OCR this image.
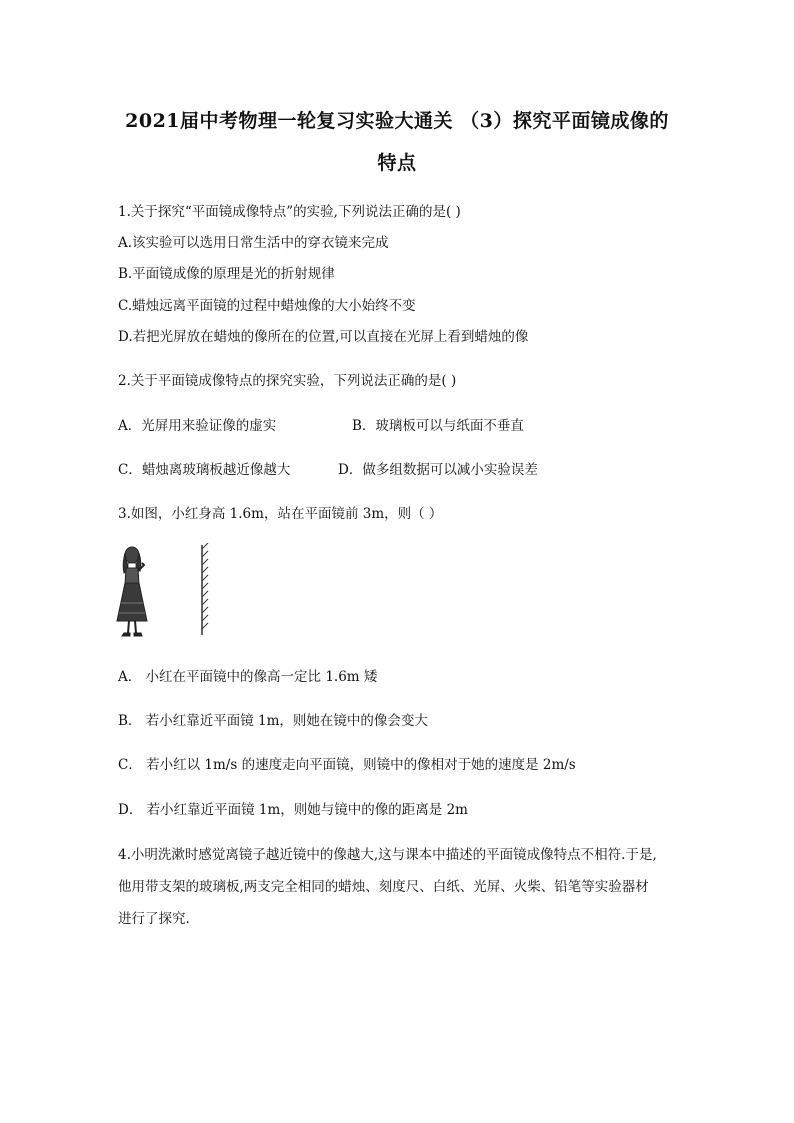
2021届中考物理一轮复习实验大通关 （3）探究平面镜成像的
特点
1.关于探究“平面镜成像特点”的实验,下列说法正确的是( )
A.该实验可以选用日常生活中的穿衣镜来完成
B.平面镜成像的原理是光的折射规律
C.蜡烛远离平面镜的过程中蜡烛像的大小始终不变
D.若把光屏放在蜡烛的像所在的位置,可以直接在光屏上看到蜡烛的像
2.关于平面镜成像特点的探究实验，下列说法正确的是( )
A．光屏用来验证像的虚实	B．玻璃板可以与纸面不垂直
C．蜡烛离玻璃板越近像越大	D．做多组数据可以减小实验误差
3.如图，小红身高 1.6m，站在平面镜前 3m，则（ ）
A． 小红在平面镜中的像高一定比 1.6m 矮
B． 若小红靠近平面镜 1m，则她在镜中的像会变大
C． 若小红以 1m/s 的速度走向平面镜，则镜中的像相对于她的速度是 2m/s
D． 若小红靠近平面镜 1m，则她与镜中的像的距离是 2m
4.小明洗漱时感觉离镜子越近镜中的像越大,这与课本中描述的平面镜成像特点不相符.于是,
他用带支架的玻璃板,两支完全相同的蜡烛、刻度尺、白纸、光屏、火柴、铅笔等实验器材
进行了探究.
